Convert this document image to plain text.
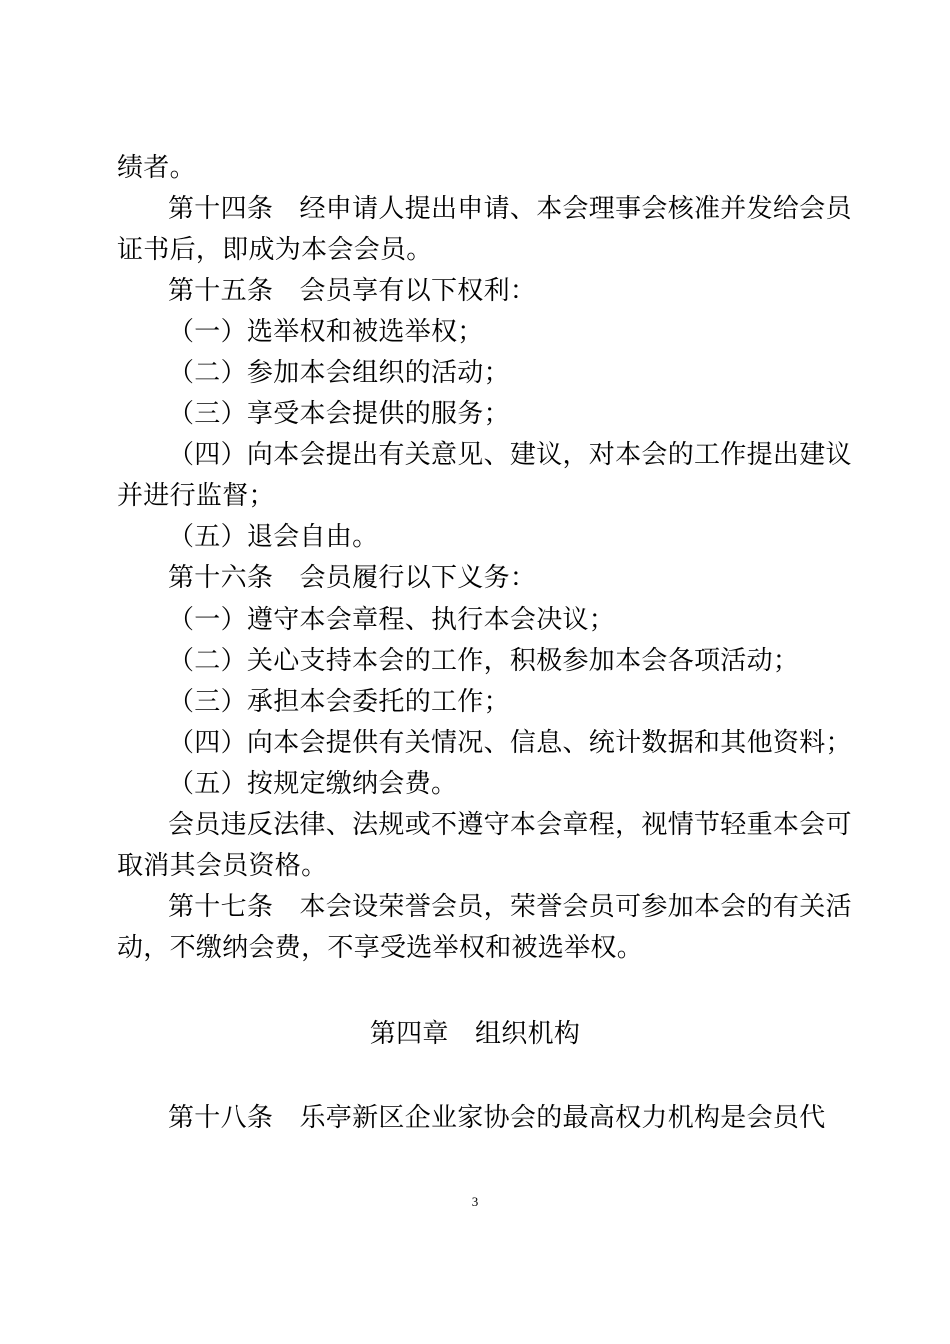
绩者。
第十四条　经申请人提出申请、本会理事会核准并发给会员
证书后，即成为本会会员。
第十五条　会员享有以下权利：
（一）选举权和被选举权；
（二）参加本会组织的活动；
（三）享受本会提供的服务；
（四）向本会提出有关意见、建议，对本会的工作提出建议
并进行监督；
（五）退会自由。
第十六条　会员履行以下义务：
（一）遵守本会章程、执行本会决议；
（二）关心支持本会的工作，积极参加本会各项活动；
（三）承担本会委托的工作；
（四）向本会提供有关情况、信息、统计数据和其他资料；
（五）按规定缴纳会费。
会员违反法律、法规或不遵守本会章程，视情节轻重本会可
取消其会员资格。
第十七条　本会设荣誉会员，荣誉会员可参加本会的有关活
动，不缴纳会费，不享受选举权和被选举权。
第四章　组织机构
第十八条　乐亭新区企业家协会的最高权力机构是会员代
3
